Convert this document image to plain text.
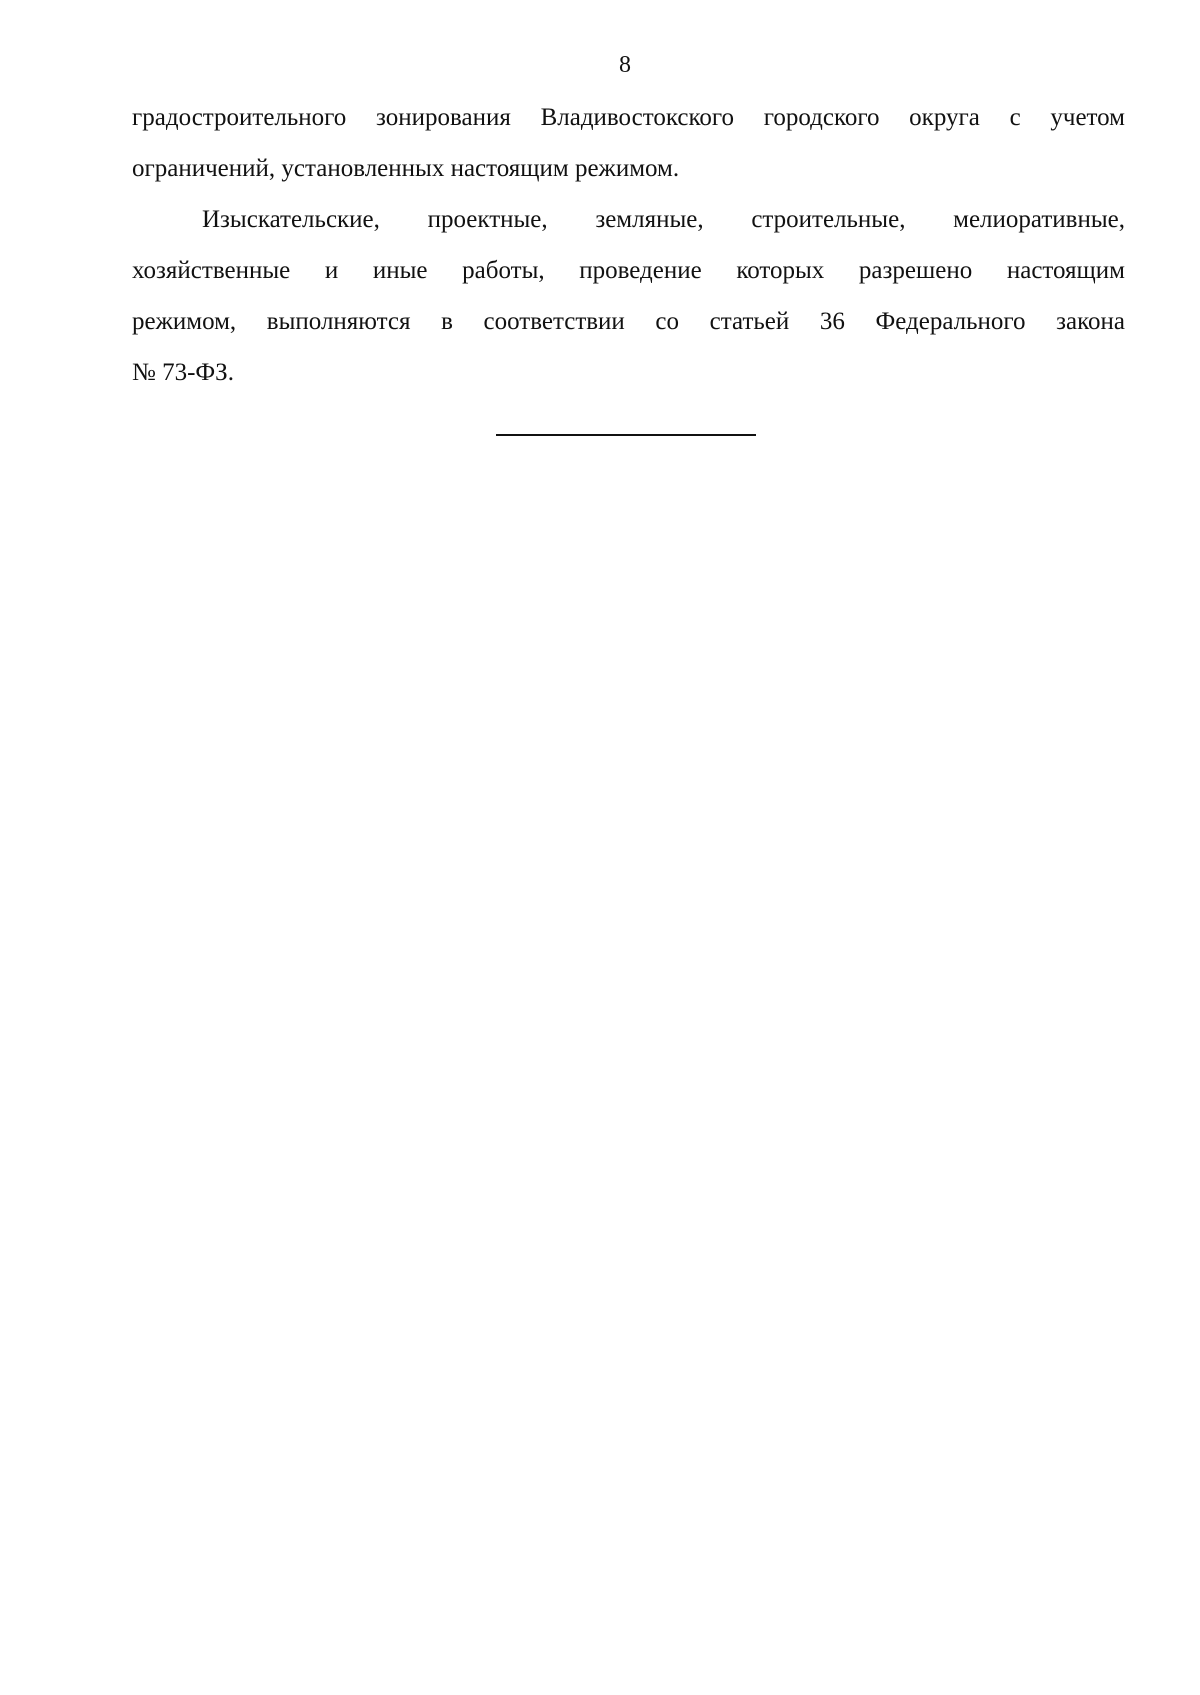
8

градостроительного зонирования Владивостокского городского округа с учетом
ограничений, установленных настоящим режимом.

Изыскательские, проектные, земляные, строительные, мелиоративные,
хозяйственные и иные работы, проведение которых разрешено настоящим
режимом, выполняются в соответствии со статьей 36 Федерального закона
№ 73-ФЗ.
